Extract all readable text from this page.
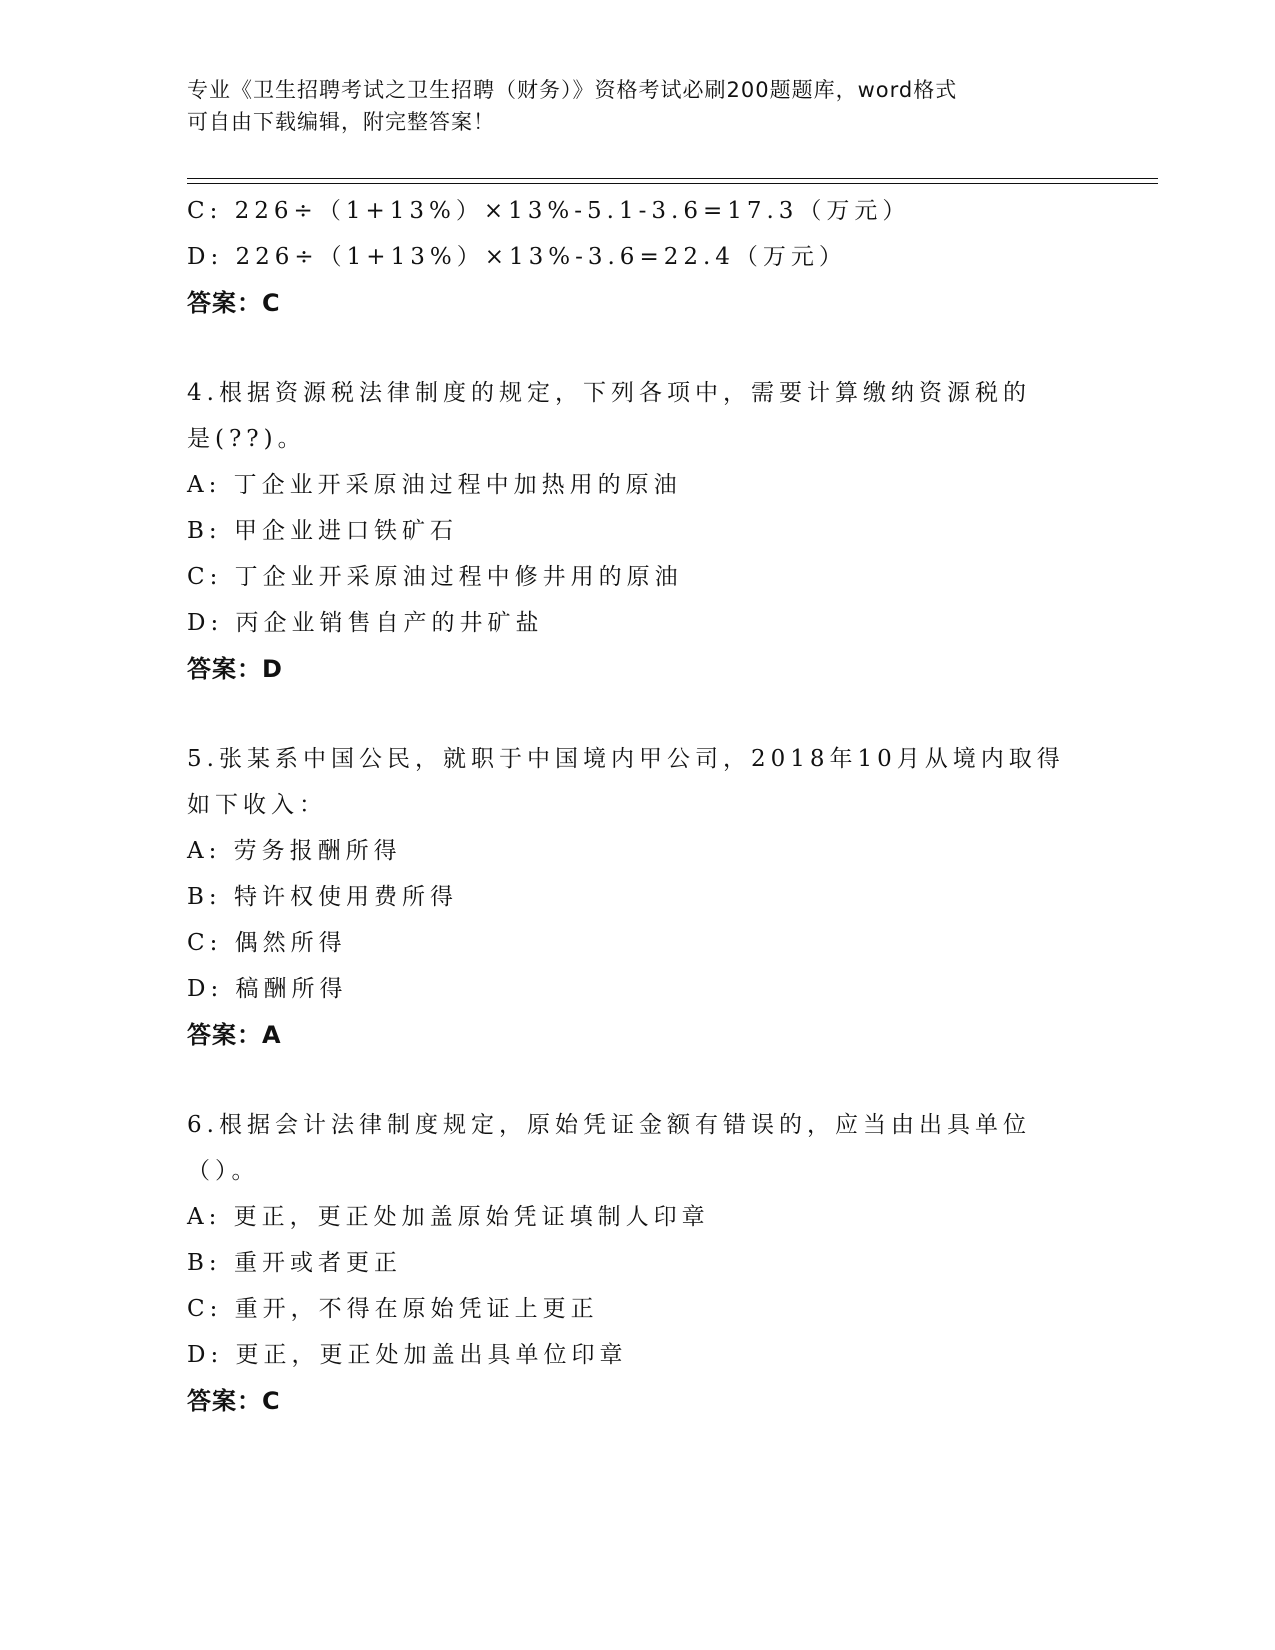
专业《卫生招聘考试之卫生招聘（财务）》资格考试必刷200题题库，word格式
可自由下载编辑，附完整答案！
C: 226÷（1+13%）×13%-5.1-3.6=17.3（万元）
D: 226÷（1+13%）×13%-3.6=22.4（万元）
答案：C
4.根据资源税法律制度的规定，下列各项中，需要计算缴纳资源税的
是(??)。
A: 丁企业开采原油过程中加热用的原油
B: 甲企业进口铁矿石
C: 丁企业开采原油过程中修井用的原油
D: 丙企业销售自产的井矿盐
答案：D
5.张某系中国公民，就职于中国境内甲公司，2018年10月从境内取得
如下收入：
A: 劳务报酬所得
B: 特许权使用费所得
C: 偶然所得
D: 稿酬所得
答案：A
6.根据会计法律制度规定，原始凭证金额有错误的，应当由出具单位
（）。
A: 更正，更正处加盖原始凭证填制人印章
B: 重开或者更正
C: 重开，不得在原始凭证上更正
D: 更正，更正处加盖出具单位印章
答案：C
